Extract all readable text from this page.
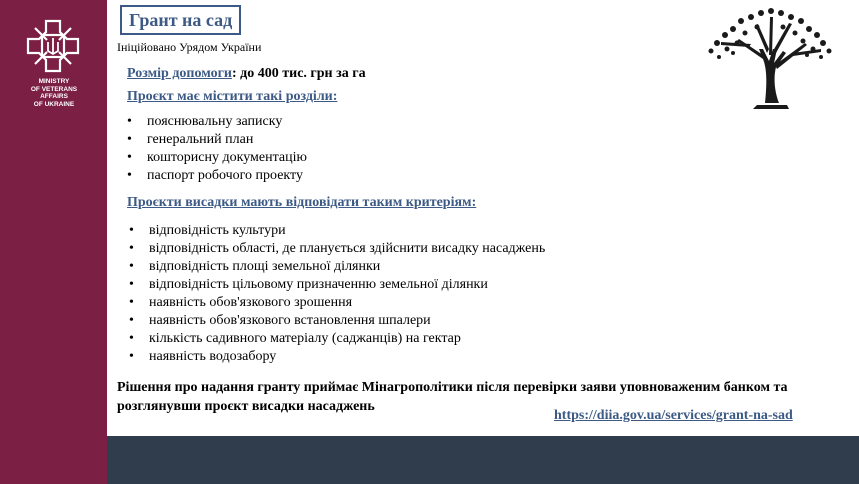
MINISTRY
OF VETERANS
AFFAIRS
OF UKRAINE
Грант на сад
Ініційовано Урядом України
Розмір допомоги: до 400 тис. грн за га
Проєкт має містити такі розділи:
• пояснювальну записку
• генеральний план
• кошторисну документацію
• паспорт робочого проекту
Проєкти висадки мають відповідати таким критеріям:
• відповідність культури
• відповідність області, де планується здійснити висадку насаджень
• відповідність площі земельної ділянки
• відповідність цільовому призначенню земельної ділянки
• наявність обов'язкового зрошення
• наявність обов'язкового встановлення шпалери
• кількість садивного матеріалу (саджанців) на гектар
• наявність водозабору
Рішення про надання гранту приймає Мінагрополітики після перевірки заяви уповноваженим банком та розглянувши проєкт висадки насаджень
https://diia.gov.ua/services/grant-na-sad
